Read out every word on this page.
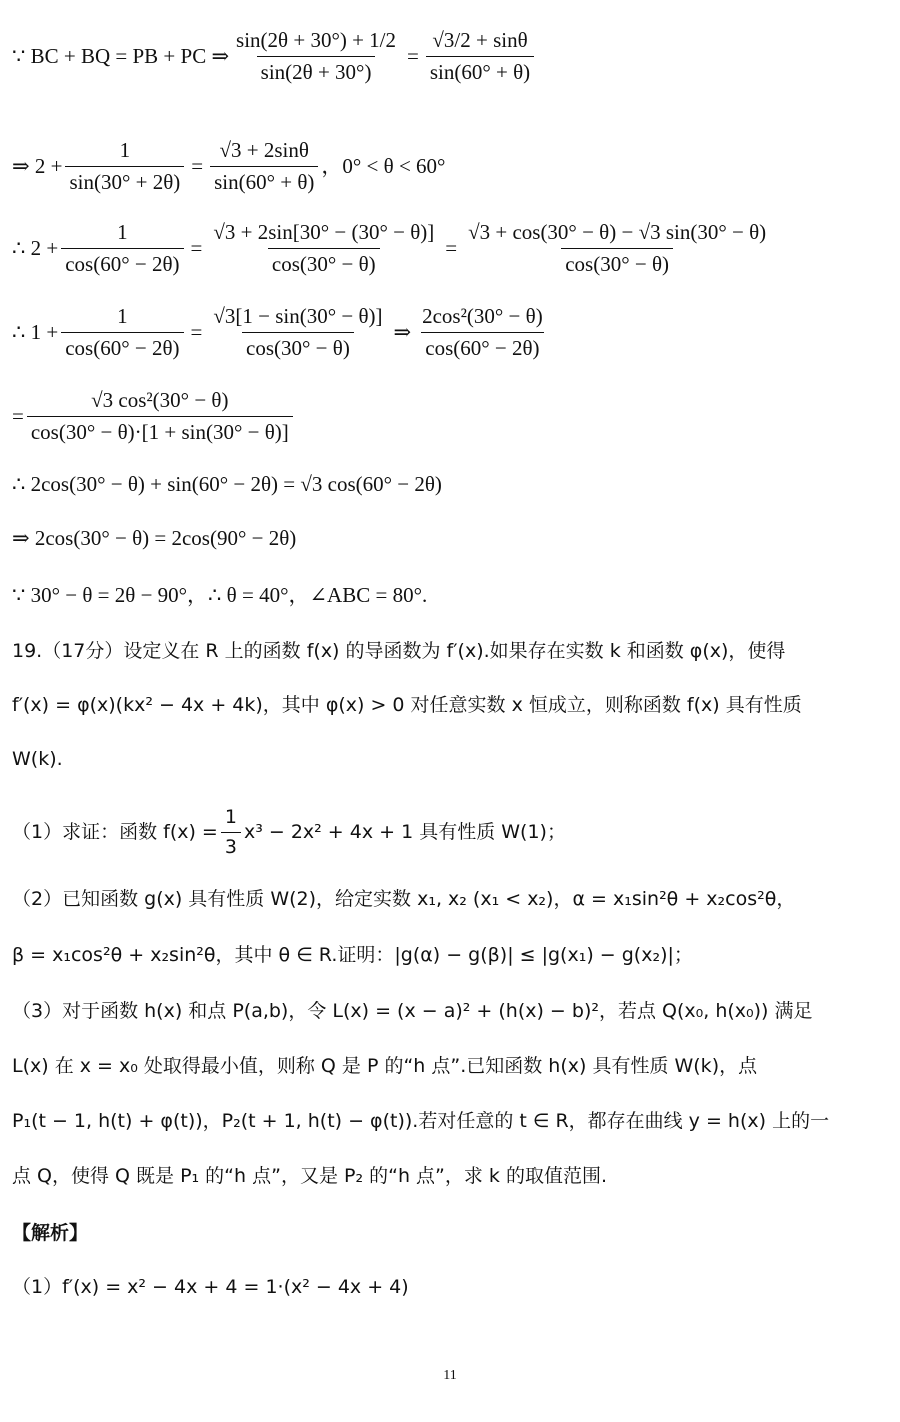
∵ BC + BQ = PB + PC ⇒ $\frac{\sin(2\theta + 30^\circ) + 1/2}{\sin(2\theta + 30^\circ)} = \frac{√3/2 + \sin\theta}{\sin(60^\circ + \theta)}$
⇒ $2 + \frac{1}{\sin(30^\circ + 2\theta)} = \frac{√3 + 2\sin\theta}{\sin(60^\circ + \theta)}$ ，0° < θ < 60°
∴ $2 + \frac{1}{\cos(60^\circ - 2\theta)} = \frac{√3 + 2\sin[30^\circ - (30^\circ - \theta)]}{\cos(30^\circ - \theta)} = \frac{√3 + \cos(30^\circ - \theta) - √3 \sin(30^\circ - \theta)}{\cos(30^\circ - \theta)}$
∴ $1 + \frac{1}{\cos(60^\circ - 2\theta)} = \frac{√3[1 - \sin(30^\circ - \theta)]}{\cos(30^\circ - \theta)}$ ⇒ $\frac{\text{2cos²(30° − θ)}}{\cos(60^\circ - 2\theta)}$
= $\frac{\text{√3 cos²(30° − θ)}}{\cos(30^\circ - \theta)\cdot[1 + \sin(30^\circ - \theta)]}$
∴ 2cos(30° − θ) + sin(60° − 2θ) = √3 cos(60° − 2θ)
⇒ 2cos(30° − θ) = 2cos(90° − 2θ)
∵ 30° − θ = 2θ − 90°，∴ θ = 40°，∠ABC = 80°.
19.（17分）设定义在 R 上的函数 f(x) 的导函数为 f′(x).如果存在实数 k 和函数 φ(x)，使得
f′(x) = φ(x)(kx² − 4x + 4k)，其中 φ(x) > 0 对任意实数 x 恒成立，则称函数 f(x) 具有性质
W(k).
（1）求证：函数 $f(x) = \frac{1}{3} x^3 - 2x^2 + 4x + 1$ 具有性质 W(1)；
（2）已知函数 g(x) 具有性质 W(2)，给定实数 x₁, x₂ (x₁ < x₂)，α = x₁sin²θ + x₂cos²θ，
β = x₁cos²θ + x₂sin²θ，其中 θ ∈ R.证明：|g(α) − g(β)| ≤ |g(x₁) − g(x₂)|；
（3）对于函数 h(x) 和点 P(a,b)，令 L(x) = (x − a)² + (h(x) − b)²，若点 Q(x₀, h(x₀)) 满足
L(x) 在 x = x₀ 处取得最小值，则称 Q 是 P 的“h 点”.已知函数 h(x) 具有性质 W(k)，点
P₁(t − 1, h(t) + φ(t))，P₂(t + 1, h(t) − φ(t)).若对任意的 t ∈ R，都存在曲线 y = h(x) 上的一
点 Q，使得 Q 既是 P₁ 的“h 点”，又是 P₂ 的“h 点”，求 k 的取值范围.
【解析】
（1）f′(x) = x² − 4x + 4 = 1·(x² − 4x + 4)
11
